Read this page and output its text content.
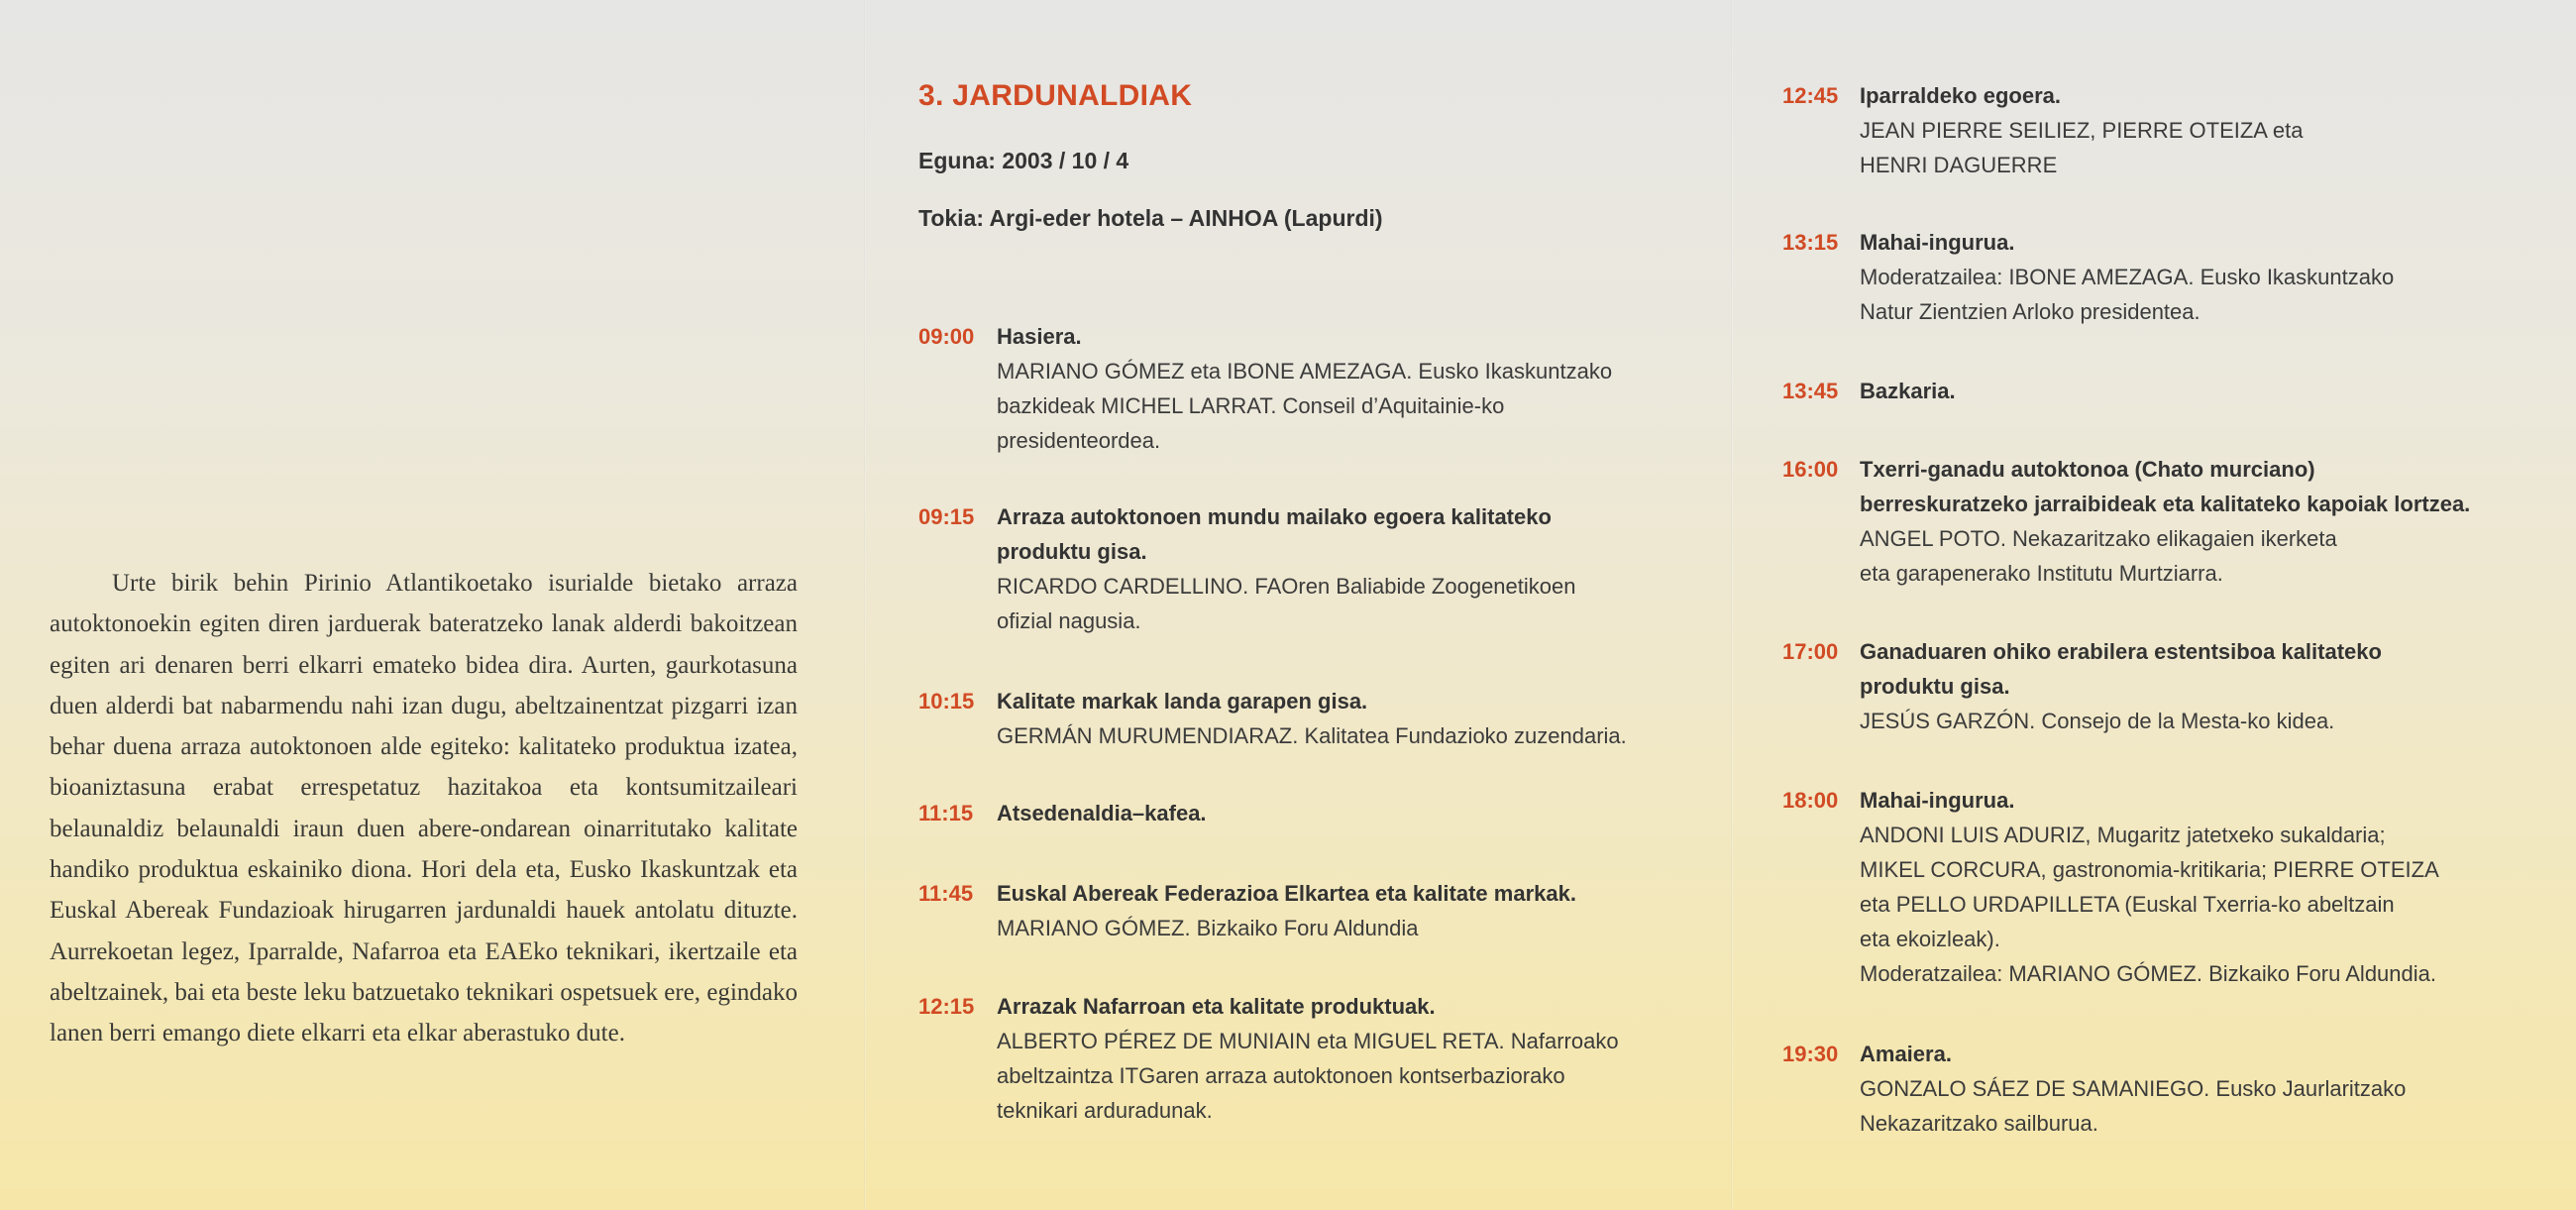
Urte birik behin Pirinio Atlantikoetako isurialde bietako arraza autoktonoekin egiten diren jarduerak bateratzeko lanak alderdi bakoitzean egiten ari denaren berri elkarri emateko bidea dira. Aurten, gaurkotasuna duen alderdi bat nabarmendu nahi izan dugu, abeltzainentzat pizgarri izan behar duena arraza autoktonoen alde egiteko: kalitateko produktua izatea, bioaniztasuna erabat errespetatuz hazitakoa eta kontsumitzaileari belaunaldiz belaunaldi iraun duen abere-ondarean oinarritutako kalitate handiko produktua eskainiko diona. Hori dela eta, Eusko Ikaskuntzak eta Euskal Abereak Fundazioak hirugarren jardunaldi hauek antolatu dituzte. Aurrekoetan legez, Iparralde, Nafarroa eta EAEko teknikari, ikertzaile eta abeltzainek, bai eta beste leku batzuetako teknikari ospetsuek ere, egindako lanen berri emango diete elkarri eta elkar aberastuko dute.

3. JARDUNALDIAK

Eguna: 2003 / 10 / 4

Tokia: Argi-eder hotela – AINHOA (Lapurdi)

09:00	Hasiera.
MARIANO GÓMEZ eta IBONE AMEZAGA. Eusko Ikaskuntzako
bazkideak MICHEL LARRAT. Conseil d’Aquitainie-ko
presidenteordea.
09:15	Arraza autoktonoen mundu mailako egoera kalitateko
produktu gisa.
RICARDO CARDELLINO. FAOren Baliabide Zoogenetikoen
ofizial nagusia.
10:15	Kalitate markak landa garapen gisa.
GERMÁN MURUMENDIARAZ. Kalitatea Fundazioko zuzendaria.
11:15	Atsedenaldia–kafea.
11:45	Euskal Abereak Federazioa Elkartea eta kalitate markak.
MARIANO GÓMEZ. Bizkaiko Foru Aldundia
12:15	Arrazak Nafarroan eta kalitate produktuak.
ALBERTO PÉREZ DE MUNIAIN eta MIGUEL RETA. Nafarroako
abeltzaintza ITGaren arraza autoktonoen kontserbaziorako
teknikari arduradunak.
12:45 Iparraldeko egoera.
JEAN PIERRE SEILIEZ, PIERRE OTEIZA eta
HENRI DAGUERRE
13:15 Mahai-ingurua.
Moderatzailea: IBONE AMEZAGA. Eusko Ikaskuntzako
Natur Zientzien Arloko presidentea.
13:45 Bazkaria.
16:00 Txerri-ganadu autoktonoa (Chato murciano)
berreskuratzeko jarraibideak eta kalitateko kapoiak lortzea.
ANGEL POTO. Nekazaritzako elikagaien ikerketa
eta garapenerako Institutu Murtziarra.
17:00 Ganaduaren ohiko erabilera estentsiboa kalitateko
produktu gisa.
JESÚS GARZÓN. Consejo de la Mesta-ko kidea.
18:00 Mahai-ingurua.
ANDONI LUIS ADURIZ, Mugaritz jatetxeko sukaldaria;
MIKEL CORCURA, gastronomia-kritikaria; PIERRE OTEIZA
eta PELLO URDAPILLETA (Euskal Txerria-ko abeltzain
eta ekoizleak).
Moderatzailea: MARIANO GÓMEZ. Bizkaiko Foru Aldundia.
19:30 Amaiera.
GONZALO SÁEZ DE SAMANIEGO. Eusko Jaurlaritzako
Nekazaritzako sailburua.
